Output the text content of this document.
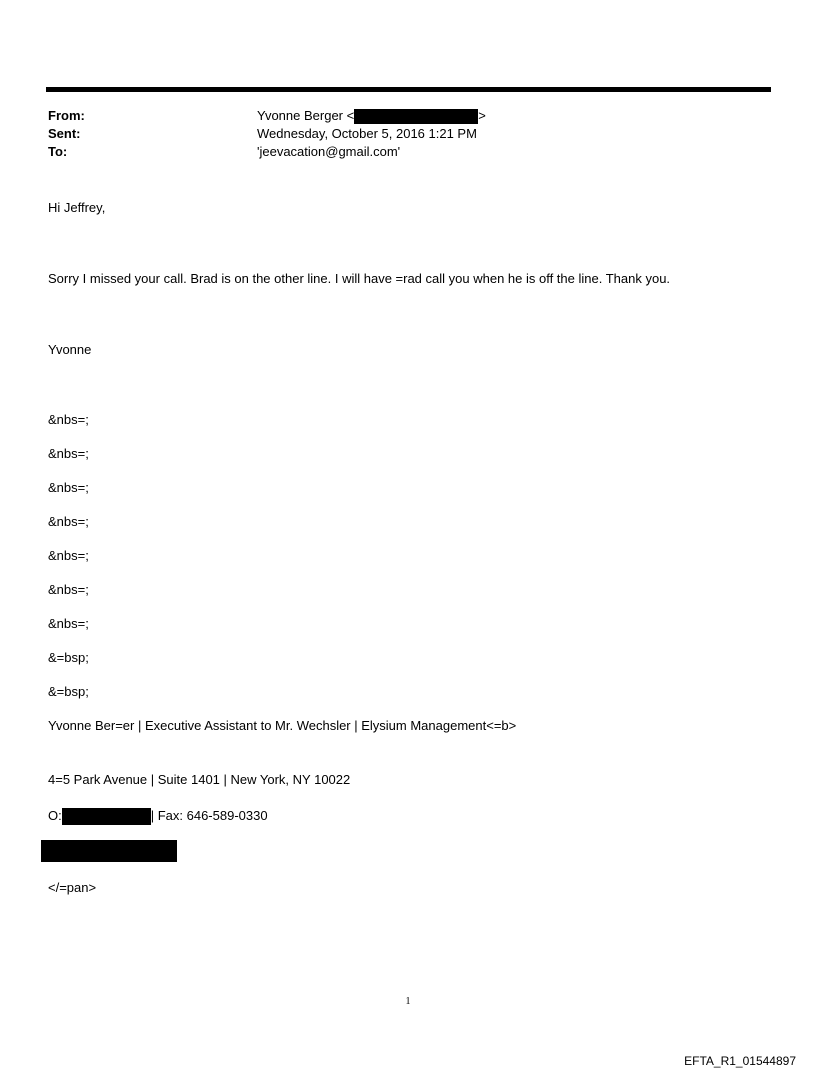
From:	Yvonne Berger <	>
Sent:	Wednesday, October 5, 2016 1:21 PM
To:	'jeevacation@gmail.com'
Hi Jeffrey,
Sorry I missed your call. Brad is on the other line. I will have =rad call you when he is off the line. Thank you.
Yvonne
&nbs=;
&nbs=;
&nbs=;
&nbs=;
&nbs=;
&nbs=;
&nbs=;
&=bsp;
&=bsp;
Yvonne Ber=er | Executive Assistant to Mr. Wechsler | Elysium Management<=b>
4=5 Park Avenue | Suite 1401 | New York, NY 10022
O:	| Fax: 646-589-0330
</=pan>
1
EFTA_R1_01544897
